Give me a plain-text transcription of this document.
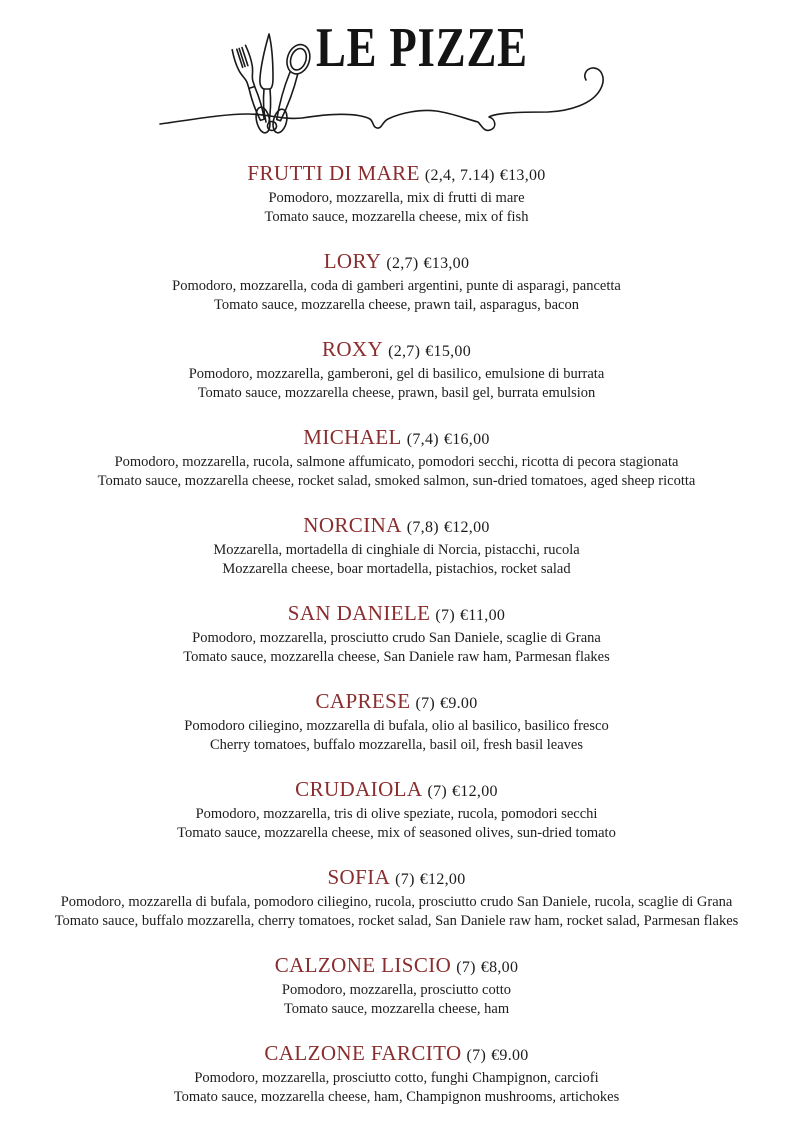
LE PIZZE
FRUTTI DI MARE (2,4, 7.14) €13,00

Pomodoro, mozzarella, mix di frutti di mare

Tomato sauce, mozzarella cheese, mix of fish

LORY (2,7) €13,00

Pomodoro, mozzarella, coda di gamberi argentini, punte di asparagi, pancetta

Tomato sauce, mozzarella cheese, prawn tail, asparagus, bacon

ROXY (2,7) €15,00

Pomodoro, mozzarella, gamberoni, gel di basilico, emulsione di burrata

Tomato sauce, mozzarella cheese, prawn, basil gel, burrata emulsion

MICHAEL (7,4) €16,00

Pomodoro, mozzarella, rucola, salmone affumicato, pomodori secchi, ricotta di pecora stagionata

Tomato sauce, mozzarella cheese, rocket salad, smoked salmon, sun-dried tomatoes, aged sheep ricotta

NORCINA (7,8) €12,00

Mozzarella, mortadella di cinghiale di Norcia, pistacchi, rucola

Mozzarella cheese, boar mortadella, pistachios, rocket salad

SAN DANIELE (7) €11,00

Pomodoro, mozzarella, prosciutto crudo San Daniele, scaglie di Grana

Tomato sauce, mozzarella cheese, San Daniele raw ham, Parmesan flakes

CAPRESE (7) €9.00

Pomodoro ciliegino, mozzarella di bufala, olio al basilico, basilico fresco

Cherry tomatoes, buffalo mozzarella, basil oil, fresh basil leaves

CRUDAIOLA (7) €12,00

Pomodoro, mozzarella, tris di olive speziate, rucola, pomodori secchi

Tomato sauce, mozzarella cheese, mix of seasoned olives, sun-dried tomato

SOFIA (7) €12,00

Pomodoro, mozzarella di bufala, pomodoro ciliegino, rucola, prosciutto crudo San Daniele, rucola, scaglie di Grana

Tomato sauce, buffalo mozzarella, cherry tomatoes, rocket salad, San Daniele raw ham, rocket salad, Parmesan flakes

CALZONE LISCIO (7) €8,00

Pomodoro, mozzarella, prosciutto cotto

Tomato sauce, mozzarella cheese, ham

CALZONE FARCITO (7) €9.00

Pomodoro, mozzarella, prosciutto cotto, funghi Champignon, carciofi

Tomato sauce, mozzarella cheese, ham, Champignon mushrooms, artichokes
